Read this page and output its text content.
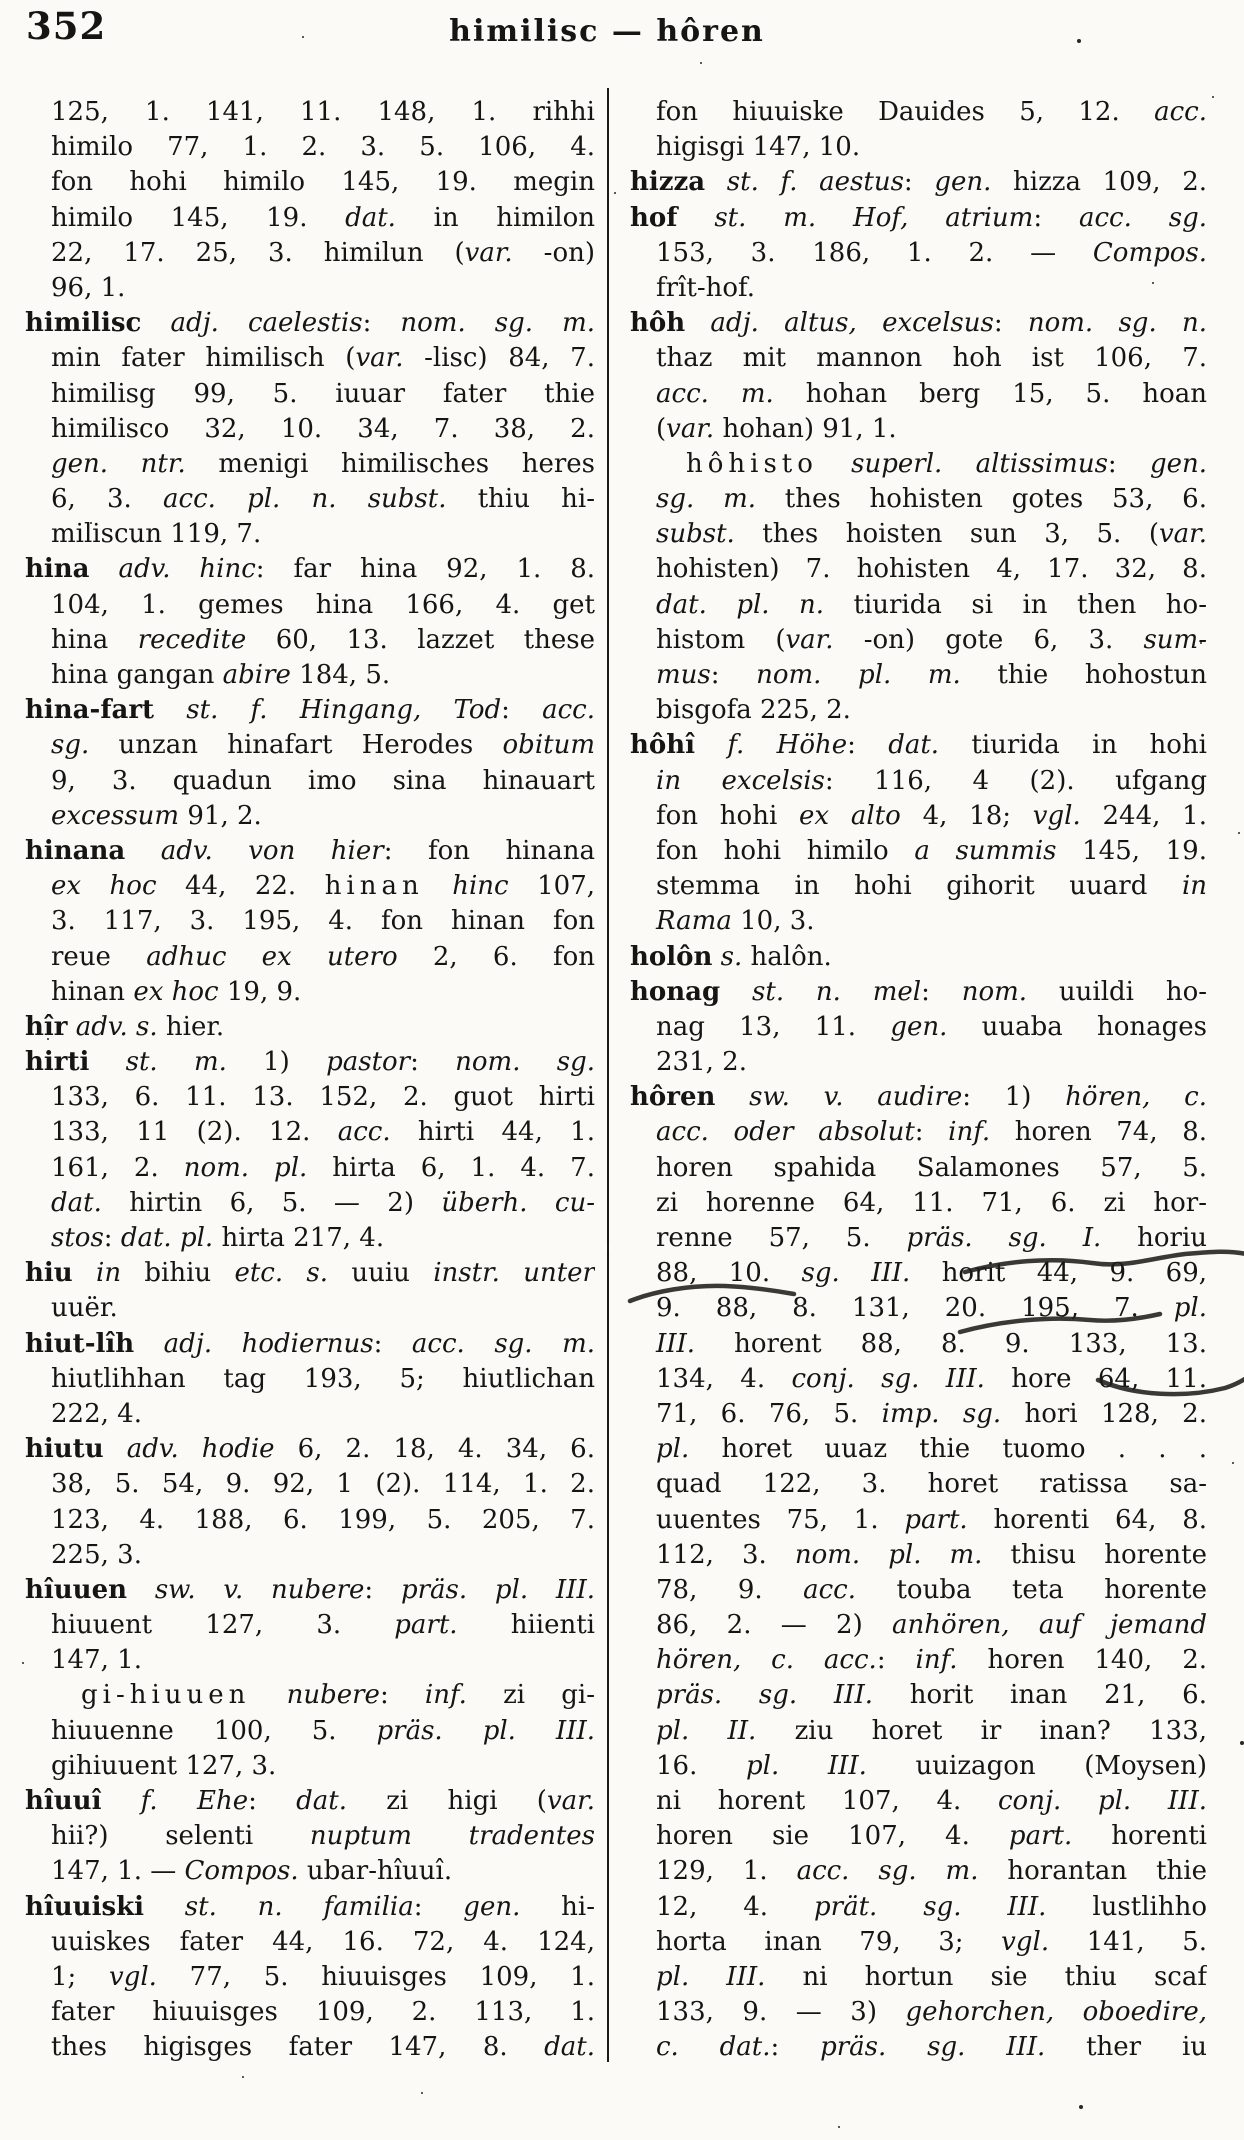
352	himilisc — hôren
125, 1. 141, 11. 148, 1. rihhi
himilo 77, 1. 2. 3. 5. 106, 4.
fon hohi himilo 145, 19. megin
himilo 145, 19. dat. in himilon
22, 17. 25, 3. himilun (var. -on)
96, 1.
himilisc adj. caelestis: nom. sg. m.
min fater himilisch (var. -lisc) 84, 7.
himilisg 99, 5. iuuar fater thie
himilisco 32, 10. 34, 7. 38, 2.
gen. ntr. menigi himilisches heres
6, 3. acc. pl. n. subst. thiu hi-
miliscun 119, 7.
hina adv. hinc: far hina 92, 1. 8.
104, 1. gemes hina 166, 4. get
hina recedite 60, 13. lazzet these
hina gangan abire 184, 5.
hina-fart st. f. Hingang, Tod: acc.
sg. unzan hinafart Herodes obitum
9, 3. quadun imo sina hinauart
excessum 91, 2.
hinana adv. von hier: fon hinana
ex hoc 44, 22. hinan hinc 107,
3. 117, 3. 195, 4. fon hinan fon
reue adhuc ex utero 2, 6. fon
hinan ex hoc 19, 9.
hîr adv. s. hier.
hirti st. m. 1) pastor: nom. sg.
133, 6. 11. 13. 152, 2. guot hirti
133, 11 (2). 12. acc. hirti 44, 1.
161, 2. nom. pl. hirta 6, 1. 4. 7.
dat. hirtin 6, 5. — 2) überh. cu-
stos: dat. pl. hirta 217, 4.
hiu in bihiu etc. s. uuiu instr. unter
uuër.
hiut-lîh adj. hodiernus: acc. sg. m.
hiutlihhan tag 193, 5; hiutlichan
222, 4.
hiutu adv. hodie 6, 2. 18, 4. 34, 6.
38, 5. 54, 9. 92, 1 (2). 114, 1. 2.
123, 4. 188, 6. 199, 5. 205, 7.
225, 3.
hîuuen sw. v. nubere: präs. pl. III.
hiuuent 127, 3. part. hiienti
147, 1.
gi-hiuuen nubere: inf. zi gi-
hiuuenne 100, 5. präs. pl. III.
gihiuuent 127, 3.
hîuuî f. Ehe: dat. zi higi (var.
hii?) selenti nuptum tradentes
147, 1. — Compos. ubar-hîuuî.
hîuuiski st. n. familia: gen. hi-
uuiskes fater 44, 16. 72, 4. 124,
1; vgl. 77, 5. hiuuisges 109, 1.
fater hiuuisges 109, 2. 113, 1.
thes higisges fater 147, 8. dat.
fon hiuuiske Dauides 5, 12. acc.
higisgi 147, 10.
hizza st. f. aestus: gen. hizza 109, 2.
hof st. m. Hof, atrium: acc. sg.
153, 3. 186, 1. 2. — Compos.
frît-hof.
hôh adj. altus, excelsus: nom. sg. n.
thaz mit mannon hoh ist 106, 7.
acc. m. hohan berg 15, 5. hoan
(var. hohan) 91, 1.
hôhisto superl. altissimus: gen.
sg. m. thes hohisten gotes 53, 6.
subst. thes hoisten sun 3, 5. (var.
hohisten) 7. hohisten 4, 17. 32, 8.
dat. pl. n. tiurida si in then ho-
histom (var. -on) gote 6, 3. sum-
mus: nom. pl. m. thie hohostun
bisgofa 225, 2.
hôhî f. Höhe: dat. tiurida in hohi
in excelsis: 116, 4 (2). ufgang
fon hohi ex alto 4, 18; vgl. 244, 1.
fon hohi himilo a summis 145, 19.
stemma in hohi gihorit uuard in
Rama 10, 3.
holôn s. halôn.
honag st. n. mel: nom. uuildi ho-
nag 13, 11. gen. uuaba honages
231, 2.
hôren sw. v. audire: 1) hören, c.
acc. oder absolut: inf. horen 74, 8.
horen spahida Salamones 57, 5.
zi horenne 64, 11. 71, 6. zi hor-
renne 57, 5. präs. sg. I. horiu
88, 10. sg. III. horit 44, 9. 69,
9. 88, 8. 131, 20. 195, 7. pl.
III. horent 88, 8. 9. 133, 13.
134, 4. conj. sg. III. hore 64, 11.
71, 6. 76, 5. imp. sg. hori 128, 2.
pl. horet uuaz thie tuomo . . .
quad 122, 3. horet ratissa sa-
uuentes 75, 1. part. horenti 64, 8.
112, 3. nom. pl. m. thisu horente
78, 9. acc. touba teta horente
86, 2. — 2) anhören, auf jemand
hören, c. acc.: inf. horen 140, 2.
präs. sg. III. horit inan 21, 6.
pl. II. ziu horet ir inan? 133,
16. pl. III. uuizagon (Moysen)
ni horent 107, 4. conj. pl. III.
horen sie 107, 4. part. horenti
129, 1. acc. sg. m. horantan thie
12, 4. prät. sg. III. lustlihho
horta inan 79, 3; vgl. 141, 5.
pl. III. ni hortun sie thiu scaf
133, 9. — 3) gehorchen, oboedire,
c. dat.: präs. sg. III. ther iu
